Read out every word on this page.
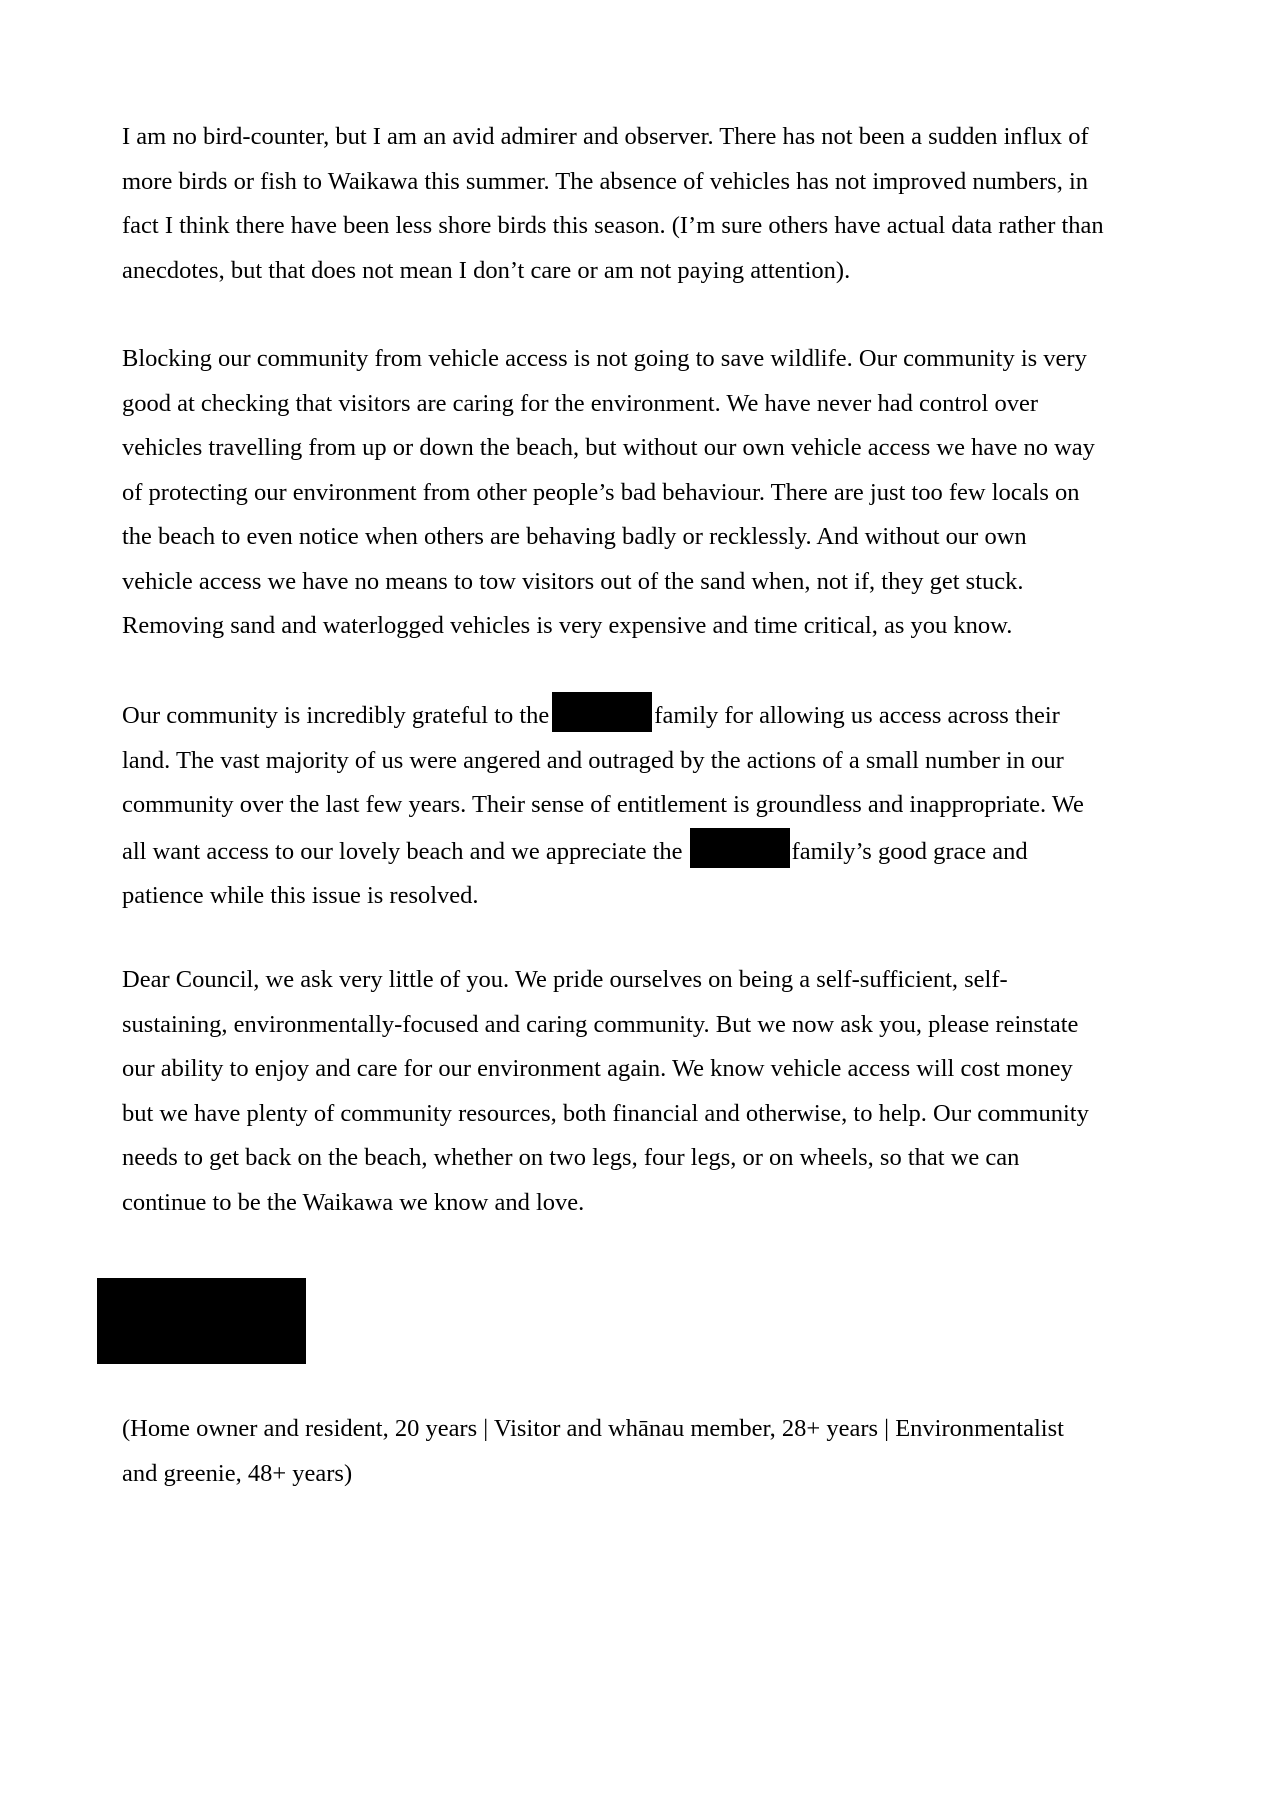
I am no bird-counter, but I am an avid admirer and observer. There has not been a sudden influx of
more birds or fish to Waikawa this summer. The absence of vehicles has not improved numbers, in
fact I think there have been less shore birds this season. (I’m sure others have actual data rather than
anecdotes, but that does not mean I don’t care or am not paying attention).

Blocking our community from vehicle access is not going to save wildlife. Our community is very
good at checking that visitors are caring for the environment. We have never had control over
vehicles travelling from up or down the beach, but without our own vehicle access we have no way
of protecting our environment from other people’s bad behaviour. There are just too few locals on
the beach to even notice when others are behaving badly or recklessly. And without our own
vehicle access we have no means to tow visitors out of the sand when, not if, they get stuck.
Removing sand and waterlogged vehicles is very expensive and time critical, as you know.

Our community is incredibly grateful to the	family for allowing us access across their
land. The vast majority of us were angered and outraged by the actions of a small number in our
community over the last few years. Their sense of entitlement is groundless and inappropriate. We
all want access to our lovely beach and we appreciate the	family’s good grace and
patience while this issue is resolved.

Dear Council, we ask very little of you. We pride ourselves on being a self-sufficient, self-
sustaining, environmentally-focused and caring community. But we now ask you, please reinstate
our ability to enjoy and care for our environment again. We know vehicle access will cost money
but we have plenty of community resources, both financial and otherwise, to help. Our community
needs to get back on the beach, whether on two legs, four legs, or on wheels, so that we can
continue to be the Waikawa we know and love.

(Home owner and resident, 20 years | Visitor and whānau member, 28+ years | Environmentalist
and greenie, 48+ years)
